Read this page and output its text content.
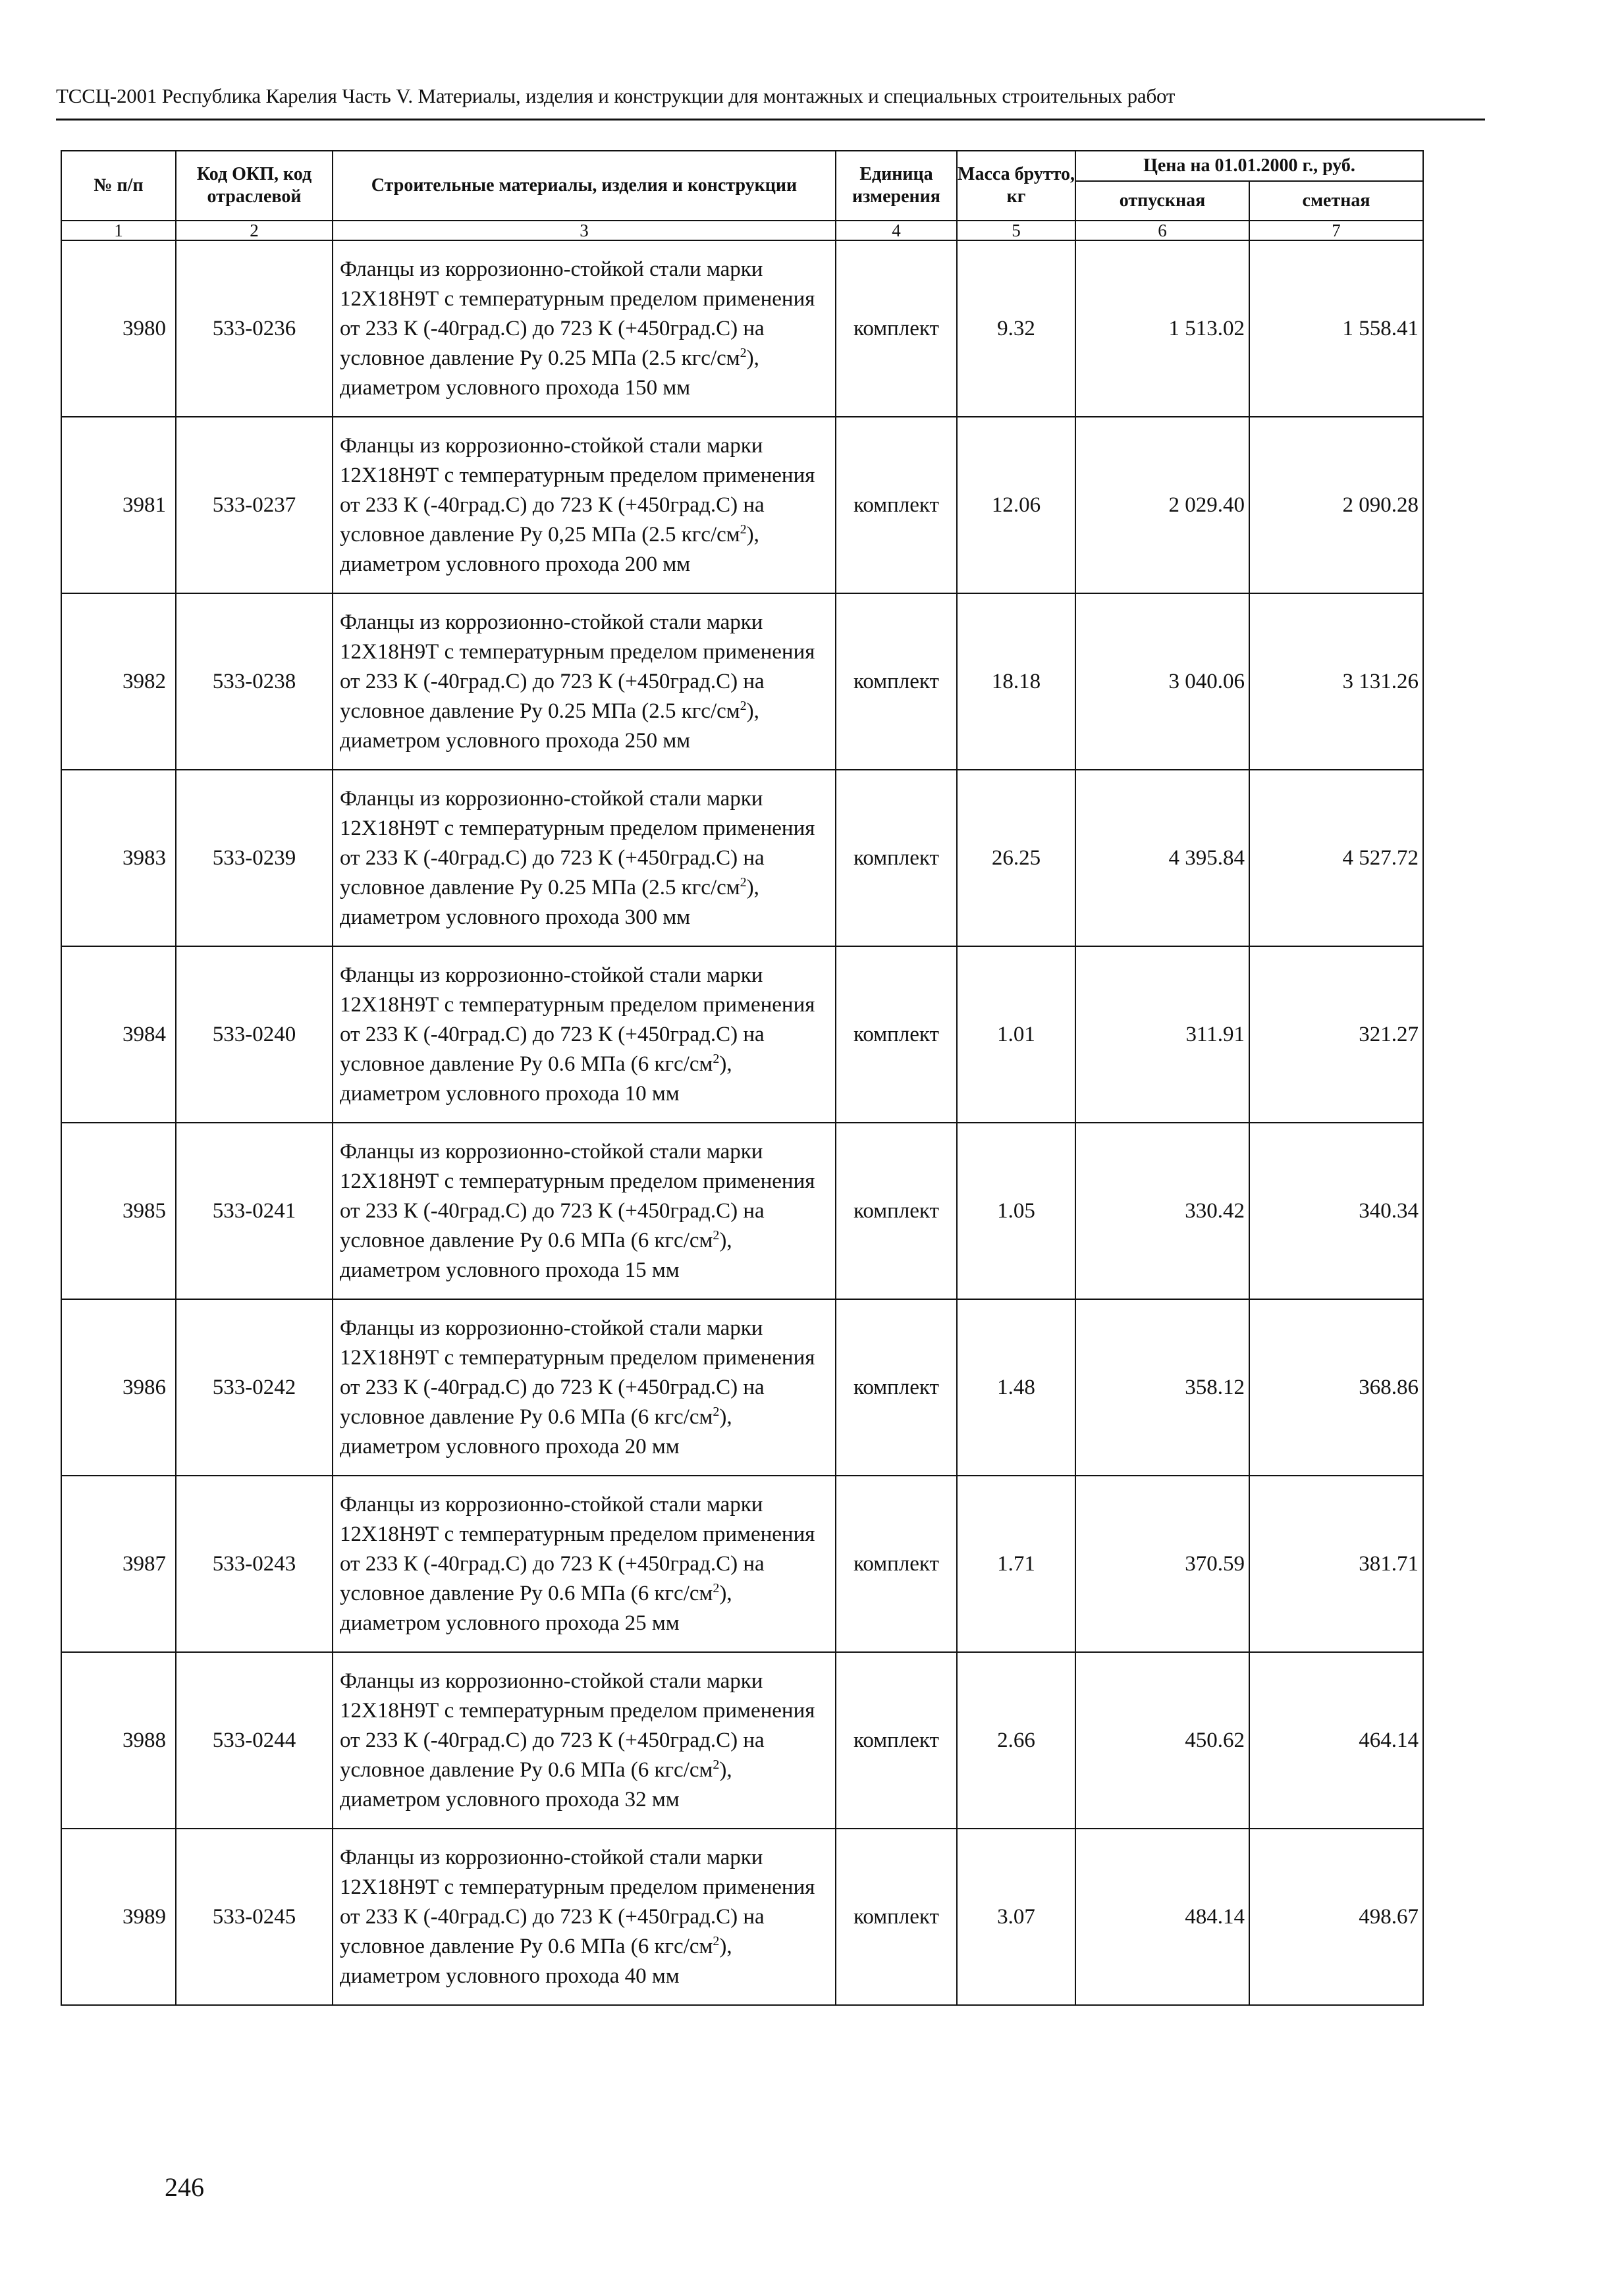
ТССЦ-2001 Республика Карелия Часть V. Материалы, изделия и конструкции для монтажных и специальных строительных работ
№ п/п	Код ОКП, код отраслевой	Строительные материалы, изделия и конструкции	Единица измерения	Масса брутто, кг	Цена на 01.01.2000 г., руб.	
					отпускная	сметная
1	2	3	4	5	6	7
3980	533-0236	Фланцы из коррозионно-стойкой стали марки 12Х18Н9Т с температурным пределом применения от 233 К (-40град.С) до 723 К (+450град.С) на условное давление Ру 0.25 МПа (2.5 кгс/$см^2$), диаметром условного прохода 150 мм	комплект	9.32	1 513.02	1 558.41
3981	533-0237	Фланцы из коррозионно-стойкой стали марки 12Х18Н9Т с температурным пределом применения от 233 К (-40град.С) до 723 К (+450град.С) на условное давление Ру 0,25 МПа (2.5 кгс/$см^2$), диаметром условного прохода 200 мм	комплект	12.06	2 029.40	2 090.28
3982	533-0238	Фланцы из коррозионно-стойкой стали марки 12Х18Н9Т с температурным пределом применения от 233 К (-40град.С) до 723 К (+450град.С) на условное давление Ру 0.25 МПа (2.5 кгс/$см^2$), диаметром условного прохода 250 мм	комплект	18.18	3 040.06	3 131.26
3983	533-0239	Фланцы из коррозионно-стойкой стали марки 12Х18Н9Т с температурным пределом применения от 233 К (-40град.С) до 723 К (+450град.С) на условное давление Ру 0.25 МПа (2.5 кгс/$см^2$), диаметром условного прохода 300 мм	комплект	26.25	4 395.84	4 527.72
3984	533-0240	Фланцы из коррозионно-стойкой стали марки 12Х18Н9Т с температурным пределом применения от 233 К (-40град.С) до 723 К (+450град.С) на условное давление Ру 0.6 МПа (6 кгс/$см^2$), диаметром условного прохода 10 мм	комплект	1.01	311.91	321.27
3985	533-0241	Фланцы из коррозионно-стойкой стали марки 12Х18Н9Т с температурным пределом применения от 233 К (-40град.С) до 723 К (+450град.С) на условное давление Ру 0.6 МПа (6 кгс/$см^2$), диаметром условного прохода 15 мм	комплект	1.05	330.42	340.34
3986	533-0242	Фланцы из коррозионно-стойкой стали марки 12Х18Н9Т с температурным пределом применения от 233 К (-40град.С) до 723 К (+450град.С) на условное давление Ру 0.6 МПа (6 кгс/$см^2$), диаметром условного прохода 20 мм	комплект	1.48	358.12	368.86
3987	533-0243	Фланцы из коррозионно-стойкой стали марки 12Х18Н9Т с температурным пределом применения от 233 К (-40град.С) до 723 К (+450град.С) на условное давление Ру 0.6 МПа (6 кгс/$см^2$), диаметром условного прохода 25 мм	комплект	1.71	370.59	381.71
3988	533-0244	Фланцы из коррозионно-стойкой стали марки 12Х18Н9Т с температурным пределом применения от 233 К (-40град.С) до 723 К (+450град.С) на условное давление Ру 0.6 МПа (6 кгс/$см^2$), диаметром условного прохода 32 мм	комплект	2.66	450.62	464.14
3989	533-0245	Фланцы из коррозионно-стойкой стали марки 12Х18Н9Т с температурным пределом применения от 233 К (-40град.С) до 723 К (+450град.С) на условное давление Ру 0.6 МПа (6 кгс/$см^2$), диаметром условного прохода 40 мм	комплект	3.07	484.14	498.67
246
